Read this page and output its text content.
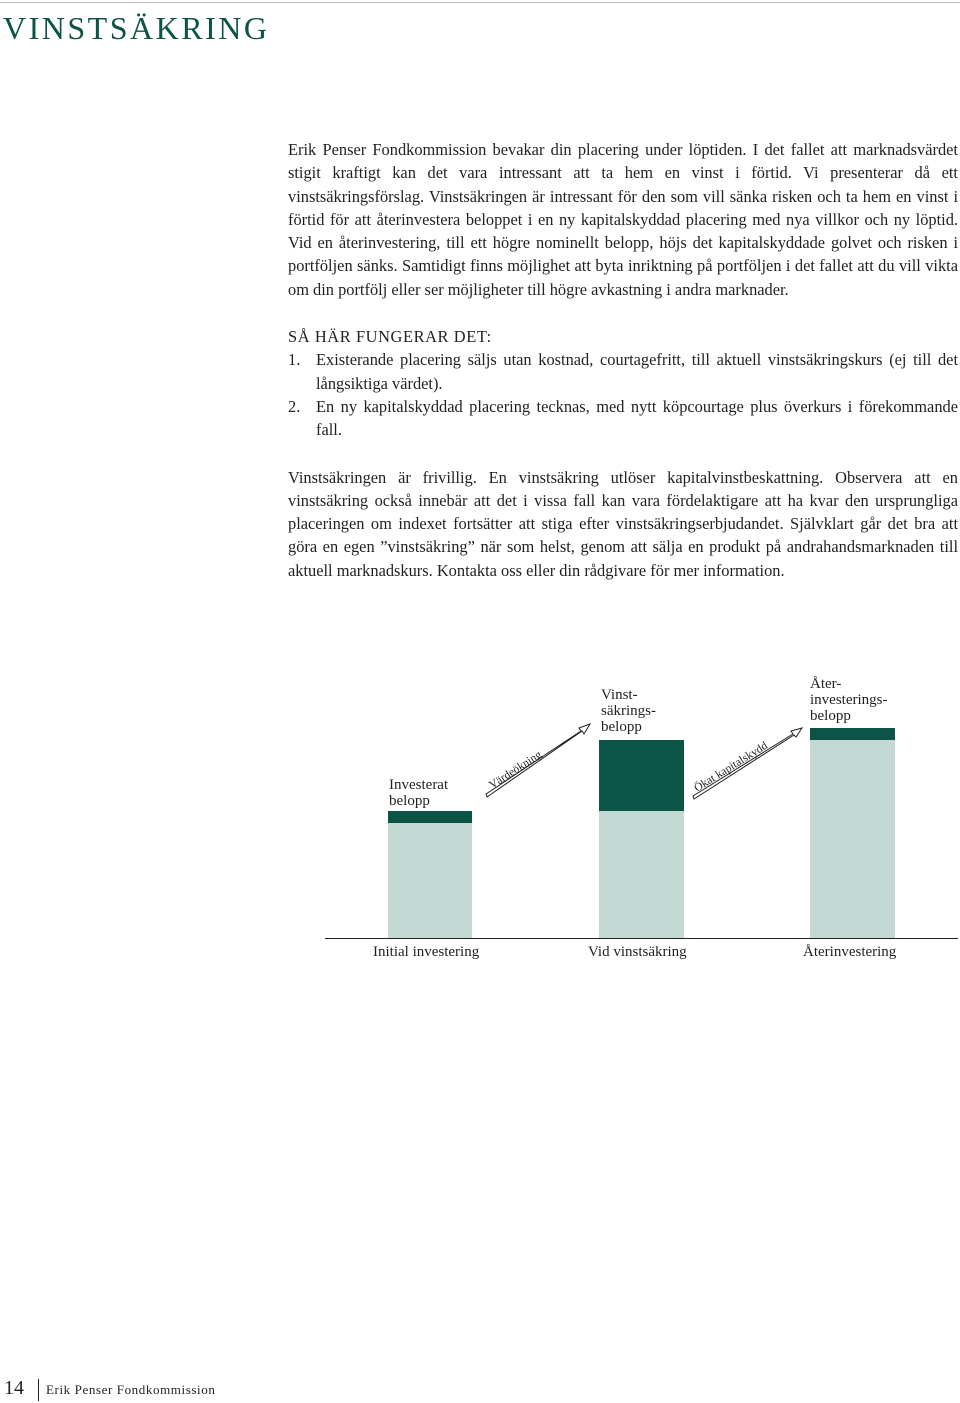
VINSTSÄKRING

Erik Penser Fondkommission bevakar din placering under löptiden. I det fallet att marknadsvärdet stigit kraftigt kan det vara intressant att ta hem en vinst i förtid. Vi presenterar då ett vinstsäkringsförslag. Vinstsäkringen är intressant för den som vill sänka risken och ta hem en vinst i förtid för att återinvestera beloppet i en ny kapitalskyddad placering med nya villkor och ny löptid. Vid en återinvestering, till ett högre nominellt belopp, höjs det kapitalskyddade golvet och risken i portföljen sänks. Samtidigt finns möjlighet att byta inriktning på portföljen i det fallet att du vill vikta om din portfölj eller ser möjligheter till högre avkastning i andra marknader.

SÅ HÄR FUNGERAR DET:
1. Existerande placering säljs utan kostnad, courtagefritt, till aktuell vinstsäkringskurs (ej till det långsiktiga värdet).
2. En ny kapitalskyddad placering tecknas, med nytt köpcourtage plus överkurs i förekommande fall.

Vinstsäkringen är frivillig. En vinstsäkring utlöser kapitalvinstbeskattning. Observera att en vinstsäkring också innebär att det i vissa fall kan vara fördelaktigare att ha kvar den ursprungliga placeringen om indexet fortsätter att stiga efter vinstsäkringserbjudandet. Självklart går det bra att göra en egen ”vinstsäkring” när som helst, genom att sälja en produkt på andrahandsmarknaden till aktuell marknadskurs. Kontakta oss eller din rådgivare för mer information.

Investerat
belopp
Vinst-
säkrings-
belopp
Åter-
investerings-
belopp
Värdeökning	Ökat kapitalskydd
Initial investering	Vid vinstsäkring	Återinvestering
14 Erik Penser Fondkommission
